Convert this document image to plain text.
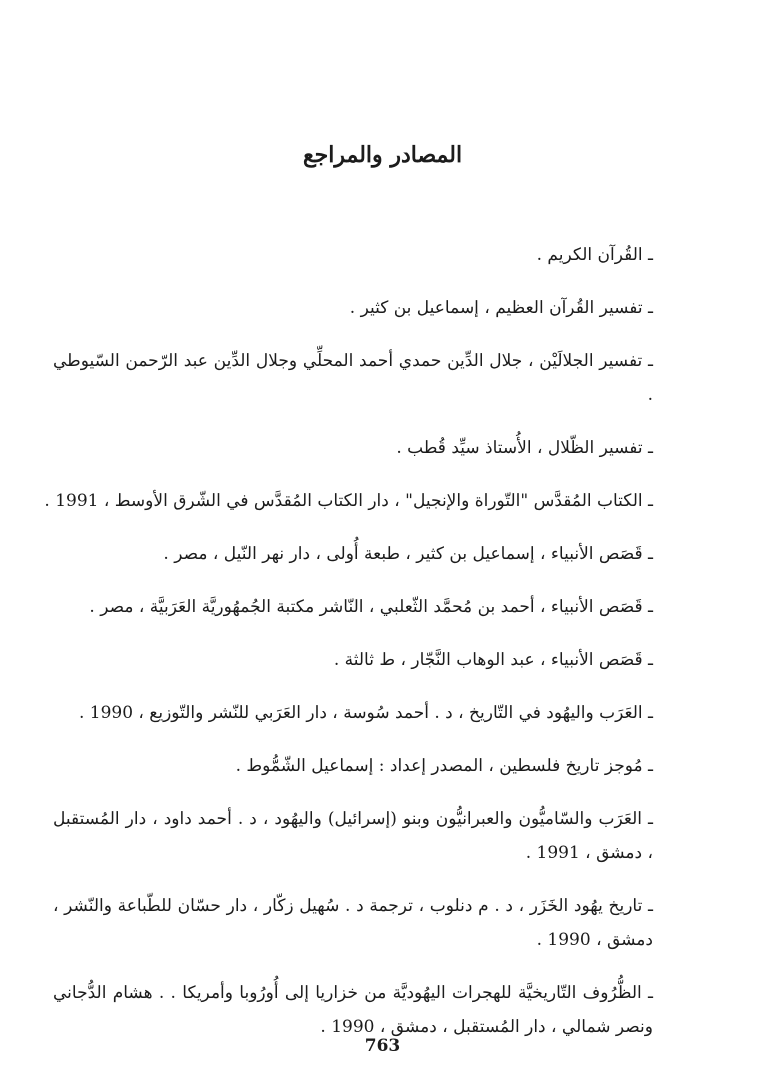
المصادر والمراجع
ـ القُرآن الكريم .
ـ تفسير القُرآن العظيم ، إسماعيل بن كثير .
ـ تفسير الجلالَيْن ، جلال الدِّين حمدي أحمد المحلِّي وجلال الدِّين عبد الرّحمن السّيوطي .
ـ تفسير الظّلال ، الأُستاذ سيِّد قُطب .
ـ الكتاب المُقدَّس "التّوراة والإنجيل" ، دار الكتاب المُقدَّس في الشّرق الأوسط ، 1991 .
ـ قَصَص الأنبياء ، إسماعيل بن كثير ، طبعة أُولى ، دار نهر النّيل ، مصر .
ـ قَصَص الأنبياء ، أحمد بن مُحمَّد الثّعلبي ، النّاشر مكتبة الجُمهُوريَّة العَرَبيَّة ، مصر .
ـ قَصَص الأنبياء ، عبد الوهاب النَّجّار ، ط ثالثة .
ـ العَرَب واليهُود في التّاريخ ، د . أحمد سُوسة ، دار العَرَبي للنّشر والتّوزيع ، 1990 .
ـ مُوجز تاريخ فلسطين ، المصدر إعداد : إسماعيل الشّمُّوط .
ـ العَرَب والسّاميُّون والعبرانيُّون وبنو (إسرائيل) واليهُود ، د . أحمد داود ، دار المُستقبل ، دمشق ، 1991 .
ـ تاريخ يهُود الخَزَر ، د . م دنلوب ، ترجمة د . سُهيل زكّار ، دار حسّان للطّباعة والنّشر ، دمشق ، 1990 .
ـ الظُّرُوف التّاريخيَّة للهجرات اليهُوديَّة من خزاريا إلى أُورُوبا وأمريكا . . هشام الدُّجاني ونصر شمالي ، دار المُستقبل ، دمشق ، 1990 .
763
